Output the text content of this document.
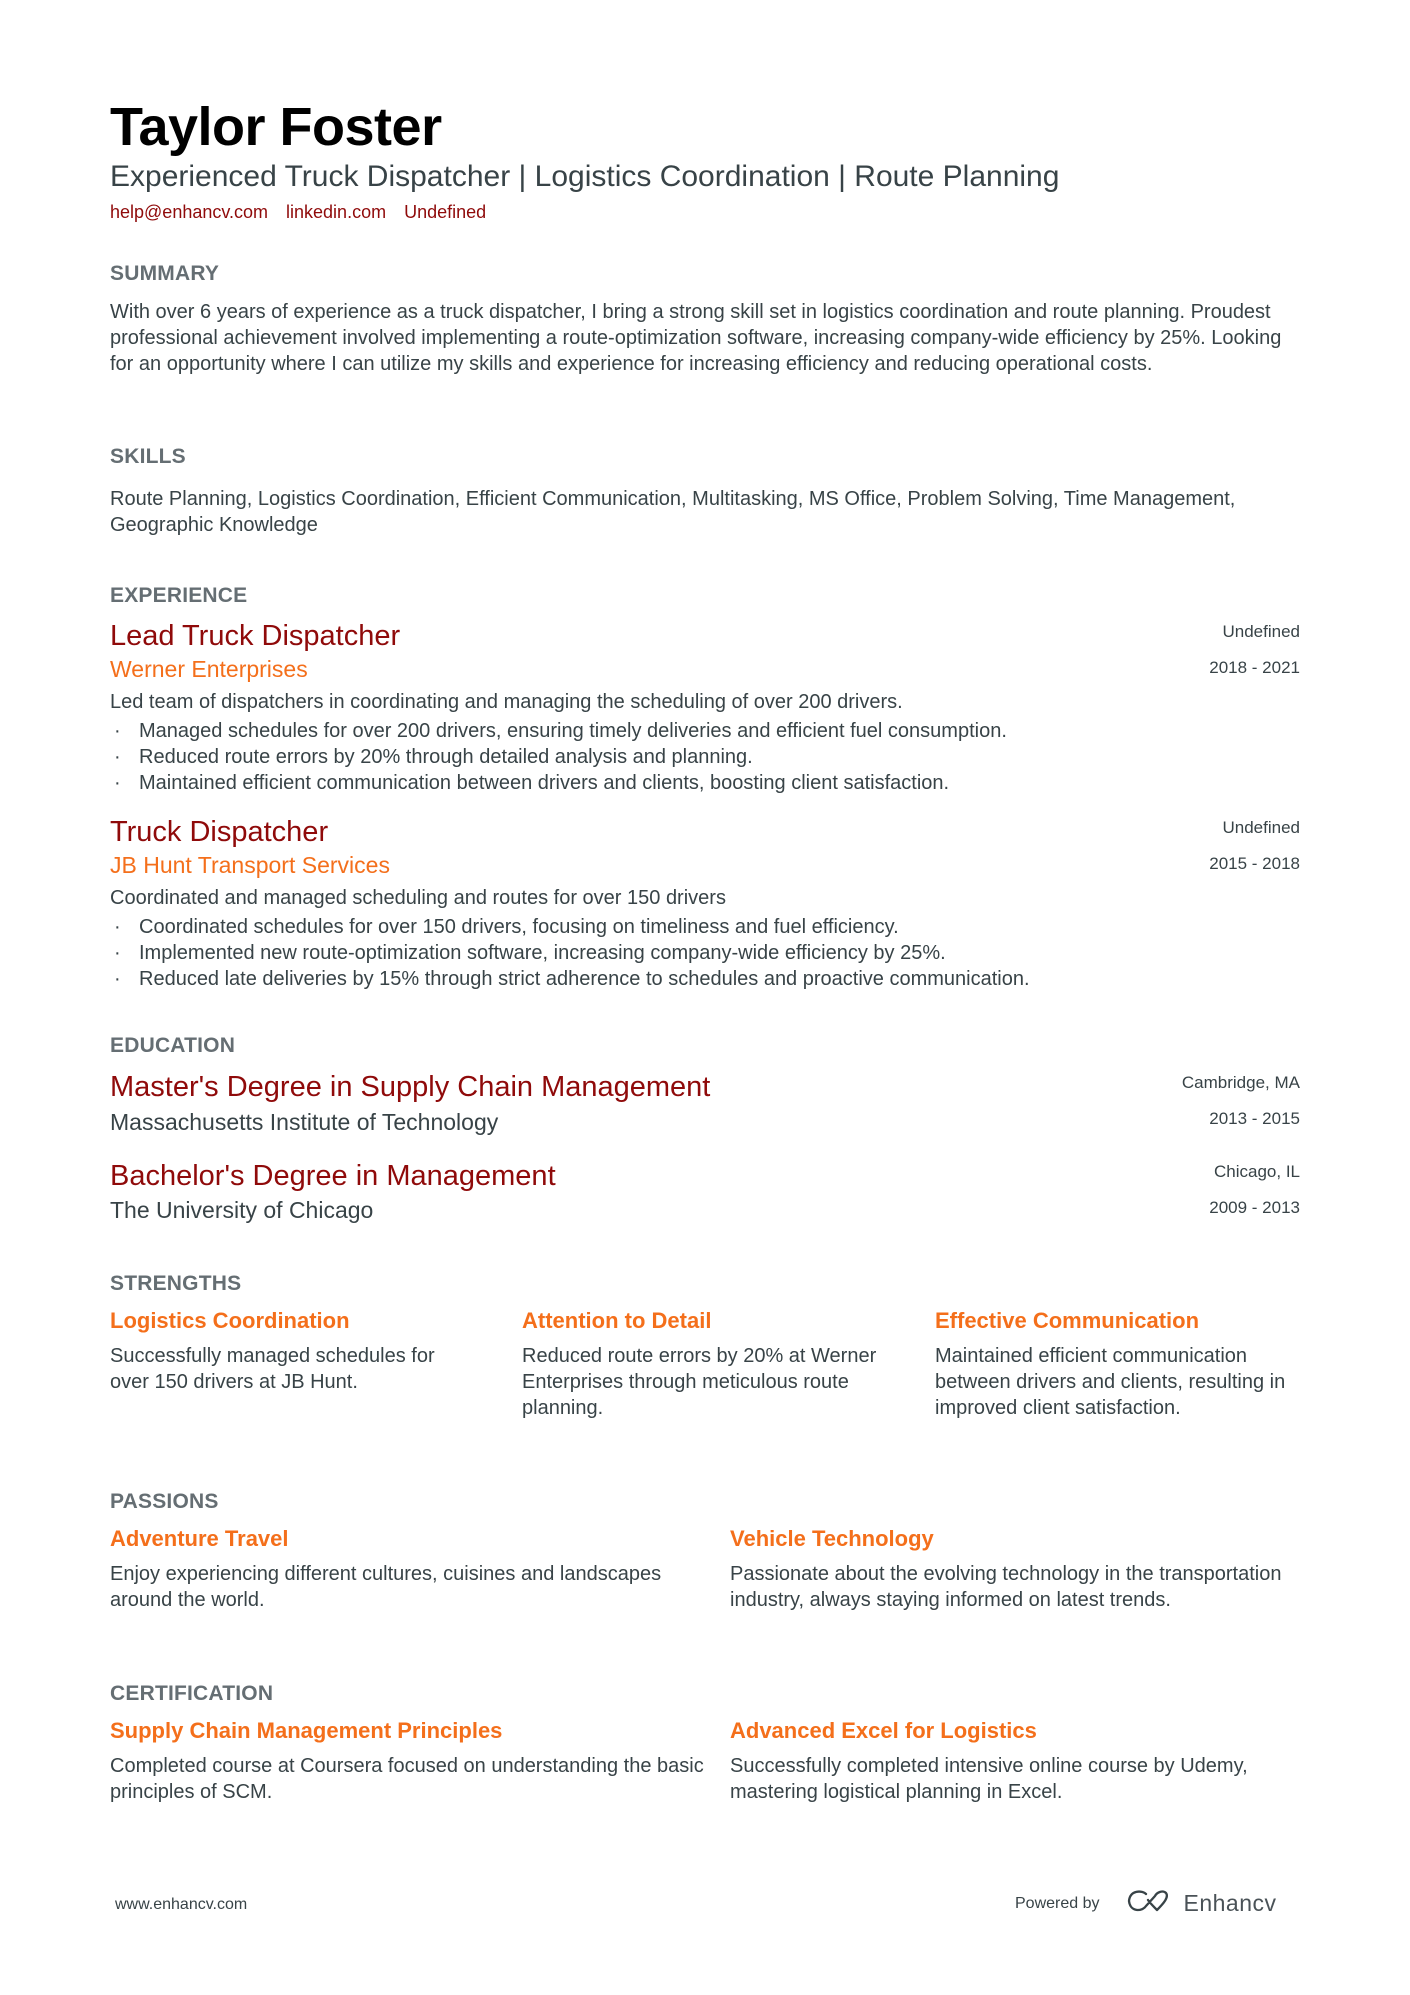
Taylor Foster
Experienced Truck Dispatcher | Logistics Coordination | Route Planning
help@enhancv.com linkedin.com Undefined
SUMMARY
With over 6 years of experience as a truck dispatcher, I bring a strong skill set in logistics coordination and route planning. Proudest professional achievement involved implementing a route-optimization software, increasing company-wide efficiency by 25%. Looking for an opportunity where I can utilize my skills and experience for increasing efficiency and reducing operational costs.
SKILLS
Route Planning, Logistics Coordination, Efficient Communication, Multitasking, MS Office, Problem Solving, Time Management, Geographic Knowledge
EXPERIENCE
Lead Truck Dispatcher
Werner Enterprises
Undefined
2018 - 2021
Led team of dispatchers in coordinating and managing the scheduling of over 200 drivers.
· Managed schedules for over 200 drivers, ensuring timely deliveries and efficient fuel consumption.
· Reduced route errors by 20% through detailed analysis and planning.
· Maintained efficient communication between drivers and clients, boosting client satisfaction.
Truck Dispatcher
JB Hunt Transport Services
Undefined
2015 - 2018
Coordinated and managed scheduling and routes for over 150 drivers
· Coordinated schedules for over 150 drivers, focusing on timeliness and fuel efficiency.
· Implemented new route-optimization software, increasing company-wide efficiency by 25%.
· Reduced late deliveries by 15% through strict adherence to schedules and proactive communication.
EDUCATION
Master's Degree in Supply Chain Management
Massachusetts Institute of Technology
Cambridge, MA
2013 - 2015
Bachelor's Degree in Management
The University of Chicago
Chicago, IL
2009 - 2013
STRENGTHS
Logistics Coordination
Successfully managed schedules for over 150 drivers at JB Hunt.
Attention to Detail
Reduced route errors by 20% at Werner Enterprises through meticulous route planning.
Effective Communication
Maintained efficient communication between drivers and clients, resulting in improved client satisfaction.
PASSIONS
Adventure Travel
Enjoy experiencing different cultures, cuisines and landscapes around the world.
Vehicle Technology
Passionate about the evolving technology in the transportation industry, always staying informed on latest trends.
CERTIFICATION
Supply Chain Management Principles
Completed course at Coursera focused on understanding the basic principles of SCM.
Advanced Excel for Logistics
Successfully completed intensive online course by Udemy, mastering logistical planning in Excel.
www.enhancv.com	Powered by	Enhancv
